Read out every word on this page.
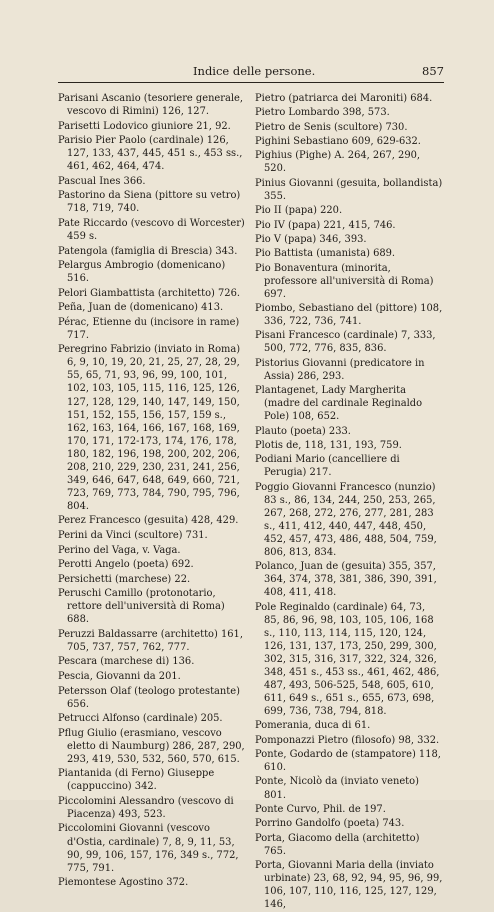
Indice delle persone.	857
Parisani Ascanio (tesoriere generale, vescovo di Rimini) 126, 127.
Parisetti Lodovico giuniore 21, 92.
Parisio Pier Paolo (cardinale) 126, 127, 133, 437, 445, 451 s., 453 ss., 461, 462, 464, 474.
Pascual Ines 366.
Pastorino da Siena (pittore su vetro) 718, 719, 740.
Pate Riccardo (vescovo di Worcester) 459 s.
Patengola (famiglia di Brescia) 343.
Pelargus Ambrogio (domenicano) 516.
Pelori Giambattista (architetto) 726.
Peña, Juan de (domenicano) 413.
Pérac, Etienne du (incisore in rame) 717.
Peregrino Fabrizio (inviato in Roma) 6, 9, 10, 19, 20, 21, 25, 27, 28, 29, 55, 65, 71, 93, 96, 99, 100, 101, 102, 103, 105, 115, 116, 125, 126, 127, 128, 129, 140, 147, 149, 150, 151, 152, 155, 156, 157, 159 s., 162, 163, 164, 166, 167, 168, 169, 170, 171, 172-173, 174, 176, 178, 180, 182, 196, 198, 200, 202, 206, 208, 210, 229, 230, 231, 241, 256, 349, 646, 647, 648, 649, 660, 721, 723, 769, 773, 784, 790, 795, 796, 804.
Perez Francesco (gesuita) 428, 429.
Perini da Vinci (scultore) 731.
Perino del Vaga, v. Vaga.
Perotti Angelo (poeta) 692.
Persichetti (marchese) 22.
Peruschi Camillo (protonotario, rettore dell'università di Roma) 688.
Peruzzi Baldassarre (architetto) 161, 705, 737, 757, 762, 777.
Pescara (marchese di) 136.
Pescia, Giovanni da 201.
Petersson Olaf (teologo protestante) 656.
Petrucci Alfonso (cardinale) 205.
Pflug Giulio (erasmiano, vescovo eletto di Naumburg) 286, 287, 290, 293, 419, 530, 532, 560, 570, 615.
Piantanida (di Ferno) Giuseppe (cappuccino) 342.
Piccolomini Alessandro (vescovo di Piacenza) 493, 523.
Piccolomini Giovanni (vescovo d'Ostia, cardinale) 7, 8, 9, 11, 53, 90, 99, 106, 157, 176, 349 s., 772, 775, 791.
Piemontese Agostino 372.
Pietro (patriarca dei Maroniti) 684.
Pietro Lombardo 398, 573.
Pietro de Senis (scultore) 730.
Pighini Sebastiano 609, 629-632.
Pighius (Pighe) A. 264, 267, 290, 520.
Pinius Giovanni (gesuita, bollandista) 355.
Pio II (papa) 220.
Pio IV (papa) 221, 415, 746.
Pio V (papa) 346, 393.
Pio Battista (umanista) 689.
Pio Bonaventura (minorita, professore all'università di Roma) 697.
Piombo, Sebastiano del (pittore) 108, 336, 722, 736, 741.
Pisani Francesco (cardinale) 7, 333, 500, 772, 776, 835, 836.
Pistorius Giovanni (predicatore in Assia) 286, 293.
Plantagenet, Lady Margherita (madre del cardinale Reginaldo Pole) 108, 652.
Plauto (poeta) 233.
Plotis de, 118, 131, 193, 759.
Podiani Mario (cancelliere di Perugia) 217.
Poggio Giovanni Francesco (nunzio) 83 s., 86, 134, 244, 250, 253, 265, 267, 268, 272, 276, 277, 281, 283 s., 411, 412, 440, 447, 448, 450, 452, 457, 473, 486, 488, 504, 759, 806, 813, 834.
Polanco, Juan de (gesuita) 355, 357, 364, 374, 378, 381, 386, 390, 391, 408, 411, 418.
Pole Reginaldo (cardinale) 64, 73, 85, 86, 96, 98, 103, 105, 106, 168 s., 110, 113, 114, 115, 120, 124, 126, 131, 137, 173, 250, 299, 300, 302, 315, 316, 317, 322, 324, 326, 348, 451 s., 453 ss., 461, 462, 486, 487, 493, 506-525, 548, 605, 610, 611, 649 s., 651 s., 655, 673, 698, 699, 736, 738, 794, 818.
Pomerania, duca di 61.
Pomponazzi Pietro (filosofo) 98, 332.
Ponte, Godardo de (stampatore) 118, 610.
Ponte, Nicolò da (inviato veneto) 801.
Ponte Curvo, Phil. de 197.
Porrino Gandolfo (poeta) 743.
Porta, Giacomo della (architetto) 765.
Porta, Giovanni Maria della (inviato urbinate) 23, 68, 92, 94, 95, 96, 99, 106, 107, 110, 116, 125, 127, 129, 146,
